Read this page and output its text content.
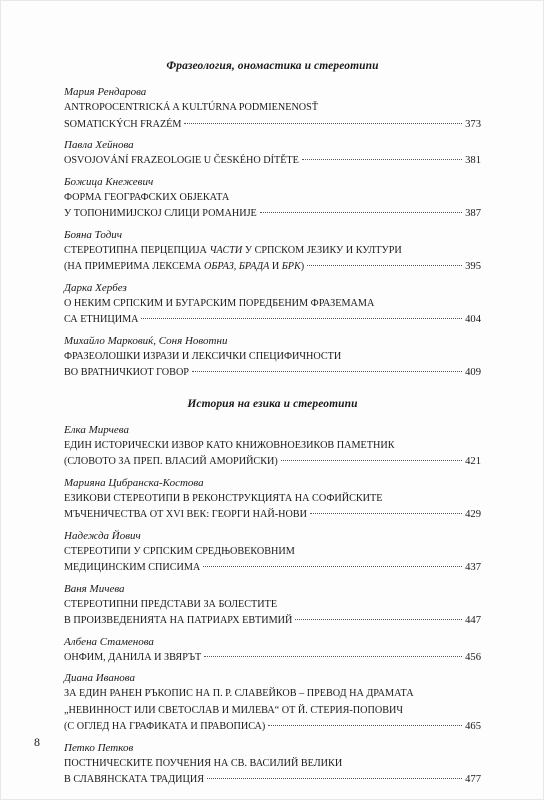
Фразеология, ономастика и стереотипи
Мария Рендарова
ANTROPOCENTRICKÁ A KULTÚRNA PODMIENENOSŤ
SOMATICKÝCH FRAZÉM	373
Павла Хейнова
OSVOJOVÁNÍ FRAZEOLOGIE U ČESKÉHO DÍTĚTE	381
Божица Кнежевич
ФОРМА ГЕОГРАФСКИХ ОБЈЕКАТА
У ТОПОНИМИЈСКОЈ СЛИЦИ РОМАНИЈЕ	387
Бояна Тодич
СТЕРЕОТИПНА ПЕРЦЕПЦИЈА ЧАСТИ У СРПСКОМ ЈЕЗИКУ И КУЛТУРИ
(НА ПРИМЕРИМА ЛЕКСЕМА ОБРАЗ, БРАДА И БРК)	395
Дарка Хербез
О НЕКИМ СРПСКИМ И БУГАРСКИМ ПОРЕДБЕНИМ ФРАЗЕМАМА
СА ЕТНИЦИМА	404
Михайло Марковиќ, Соня Новотни
ФРАЗЕОЛОШКИ ИЗРАЗИ И ЛЕКСИЧКИ СПЕЦИФИЧНОСТИ
ВО ВРАТНИЧКИОТ ГОВОР	409
История на езика и стереотипи
Елка Мирчева
ЕДИН ИСТОРИЧЕСКИ ИЗВОР КАТО КНИЖОВНОЕЗИКОВ ПАМЕТНИК
(СЛОВОТО ЗА ПРЕП. ВЛАСИЙ АМОРИЙСКИ)	421
Марияна Цибранска-Костова
ЕЗИКОВИ СТЕРЕОТИПИ В РЕКОНСТРУКЦИЯТА НА СОФИЙСКИТЕ
МЪЧЕНИЧЕСТВА ОТ XVI ВЕК: ГЕОРГИ НАЙ-НОВИ	429
Надежда Йович
СТЕРЕОТИПИ У СРПСКИМ СРЕДЊОВЕКОВНИМ
МЕДИЦИНСКИМ СПИСИМА	437
Ваня Мичева
СТЕРЕОТИПНИ ПРЕДСТАВИ ЗА БОЛЕСТИТЕ
В ПРОИЗВЕДЕНИЯТА НА ПАТРИАРХ ЕВТИМИЙ	447
Албена Стаменова
ОНФИМ, ДАНИЛА И ЗВЯРЪТ	456
Диана Иванова
ЗА ЕДИН РАНЕН РЪКОПИС НА П. Р. СЛАВЕЙКОВ – ПРЕВОД НА ДРАМАТА
„НЕВИННОСТ ИЛИ СВЕТОСЛАВ И МИЛЕВА“ ОТ Й. СТЕРИЯ-ПОПОВИЧ
(С ОГЛЕД НА ГРАФИКАТА И ПРАВОПИСА)	465
Петко Петков
ПОСТНИЧЕСКИТЕ ПОУЧЕНИЯ НА СВ. ВАСИЛИЙ ВЕЛИКИ
В СЛАВЯНСКАТА ТРАДИЦИЯ	477
8
